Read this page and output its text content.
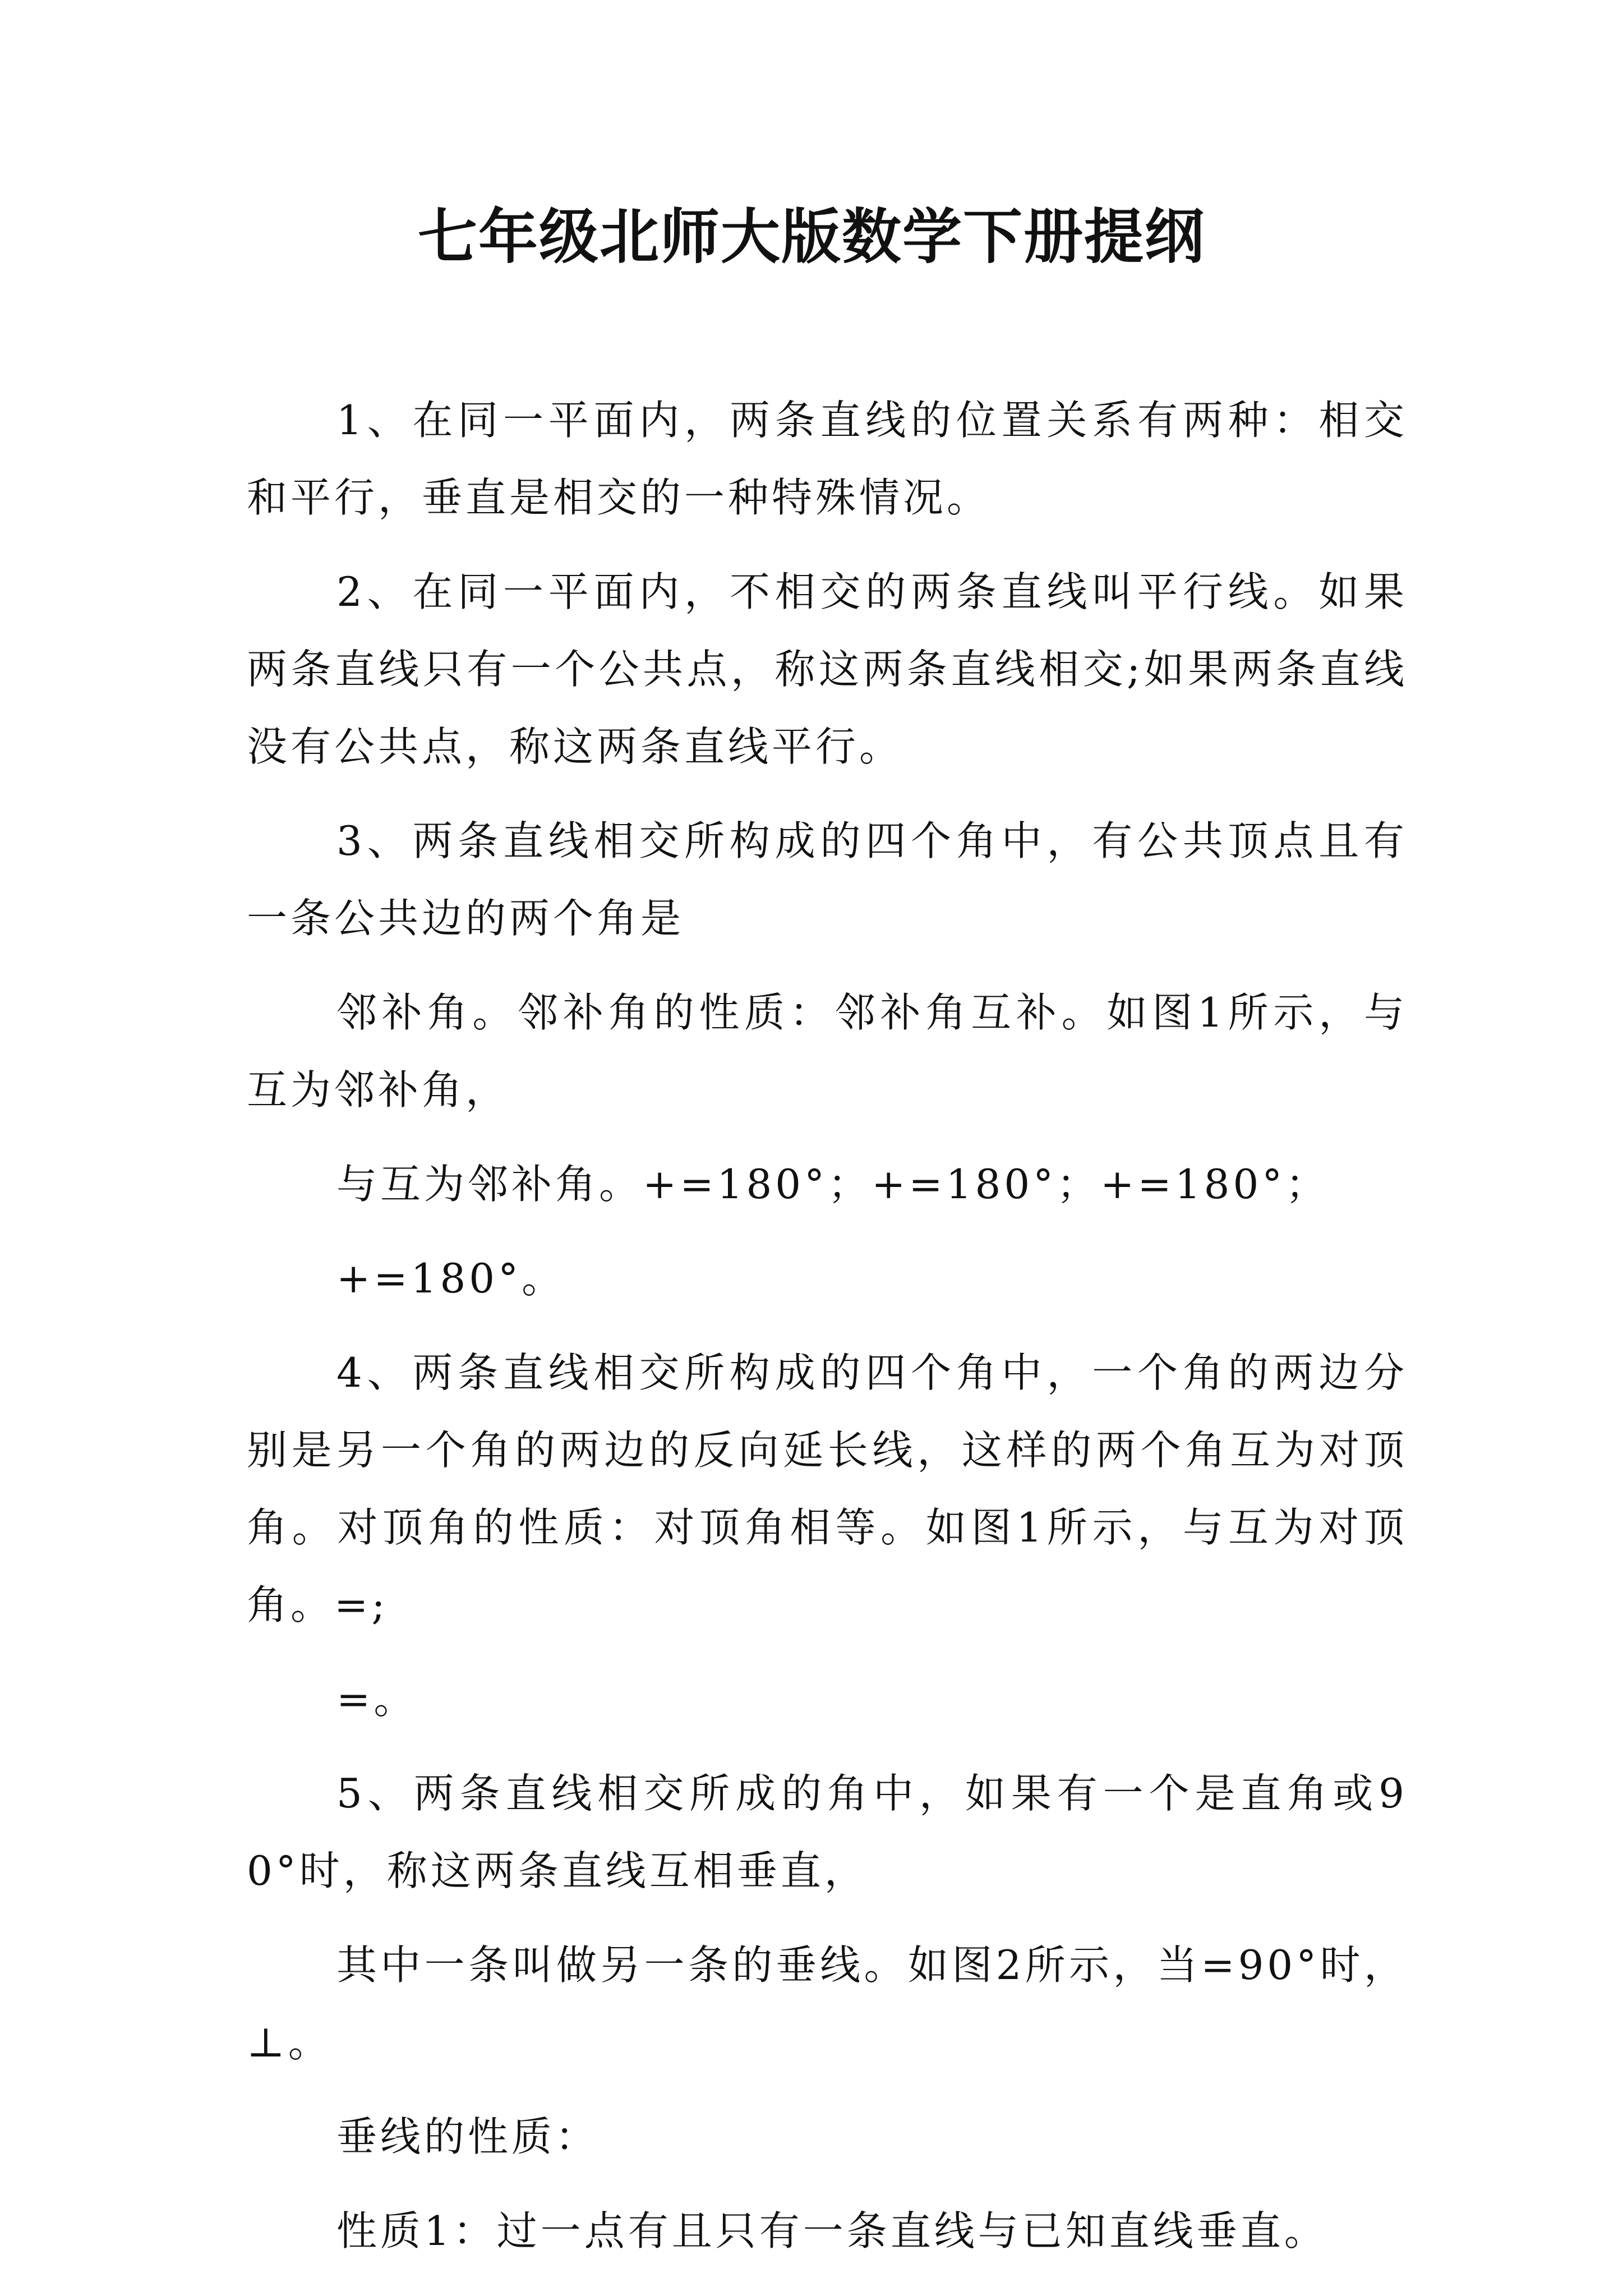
七年级北师大版数学下册提纲

1、在同一平面内，两条直线的位置关系有两种：相交和平行，垂直是相交的一种特殊情况。

2、在同一平面内，不相交的两条直线叫平行线。如果两条直线只有一个公共点，称这两条直线相交;如果两条直线没有公共点，称这两条直线平行。

3、两条直线相交所构成的四个角中，有公共顶点且有一条公共边的两个角是

邻补角。邻补角的性质：邻补角互补。如图1所示，与互为邻补角，

与互为邻补角。+=180°；+=180°；+=180°；

+=180°。

4、两条直线相交所构成的四个角中，一个角的两边分别是另一个角的两边的反向延长线，这样的两个角互为对顶角。对顶角的性质：对顶角相等。如图1所示，与互为对顶角。=;

=。

5、两条直线相交所成的角中，如果有一个是直角或90°时，称这两条直线互相垂直，

其中一条叫做另一条的垂线。如图2所示，当=90°时，⊥。

垂线的性质：

性质1：过一点有且只有一条直线与已知直线垂直。
